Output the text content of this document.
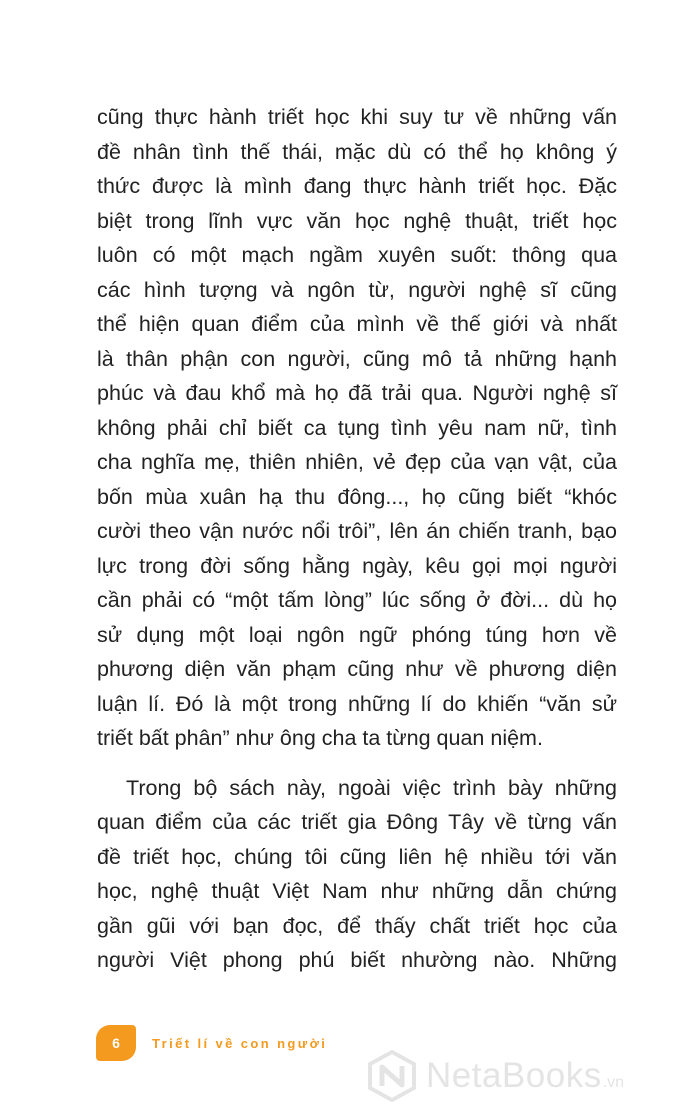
cũng thực hành triết học khi suy tư về những vấn
đề nhân tình thế thái, mặc dù có thể họ không ý
thức được là mình đang thực hành triết học. Đặc
biệt trong lĩnh vực văn học nghệ thuật, triết học
luôn có một mạch ngầm xuyên suốt: thông qua
các hình tượng và ngôn từ, người nghệ sĩ cũng
thể hiện quan điểm của mình về thế giới và nhất
là thân phận con người, cũng mô tả những hạnh
phúc và đau khổ mà họ đã trải qua. Người nghệ sĩ
không phải chỉ biết ca tụng tình yêu nam nữ, tình
cha nghĩa mẹ, thiên nhiên, vẻ đẹp của vạn vật, của
bốn mùa xuân hạ thu đông..., họ cũng biết “khóc
cười theo vận nước nổi trôi”, lên án chiến tranh, bạo
lực trong đời sống hằng ngày, kêu gọi mọi người
cần phải có “một tấm lòng” lúc sống ở đời... dù họ
sử dụng một loại ngôn ngữ phóng túng hơn về
phương diện văn phạm cũng như về phương diện
luận lí. Đó là một trong những lí do khiến “văn sử
triết bất phân” như ông cha ta từng quan niệm.

Trong bộ sách này, ngoài việc trình bày những
quan điểm của các triết gia Đông Tây về từng vấn
đề triết học, chúng tôi cũng liên hệ nhiều tới văn
học, nghệ thuật Việt Nam như những dẫn chứng
gần gũi với bạn đọc, để thấy chất triết học của
người Việt phong phú biết nhường nào. Những

6 Triết lí về con người
NetaBooks .vn
